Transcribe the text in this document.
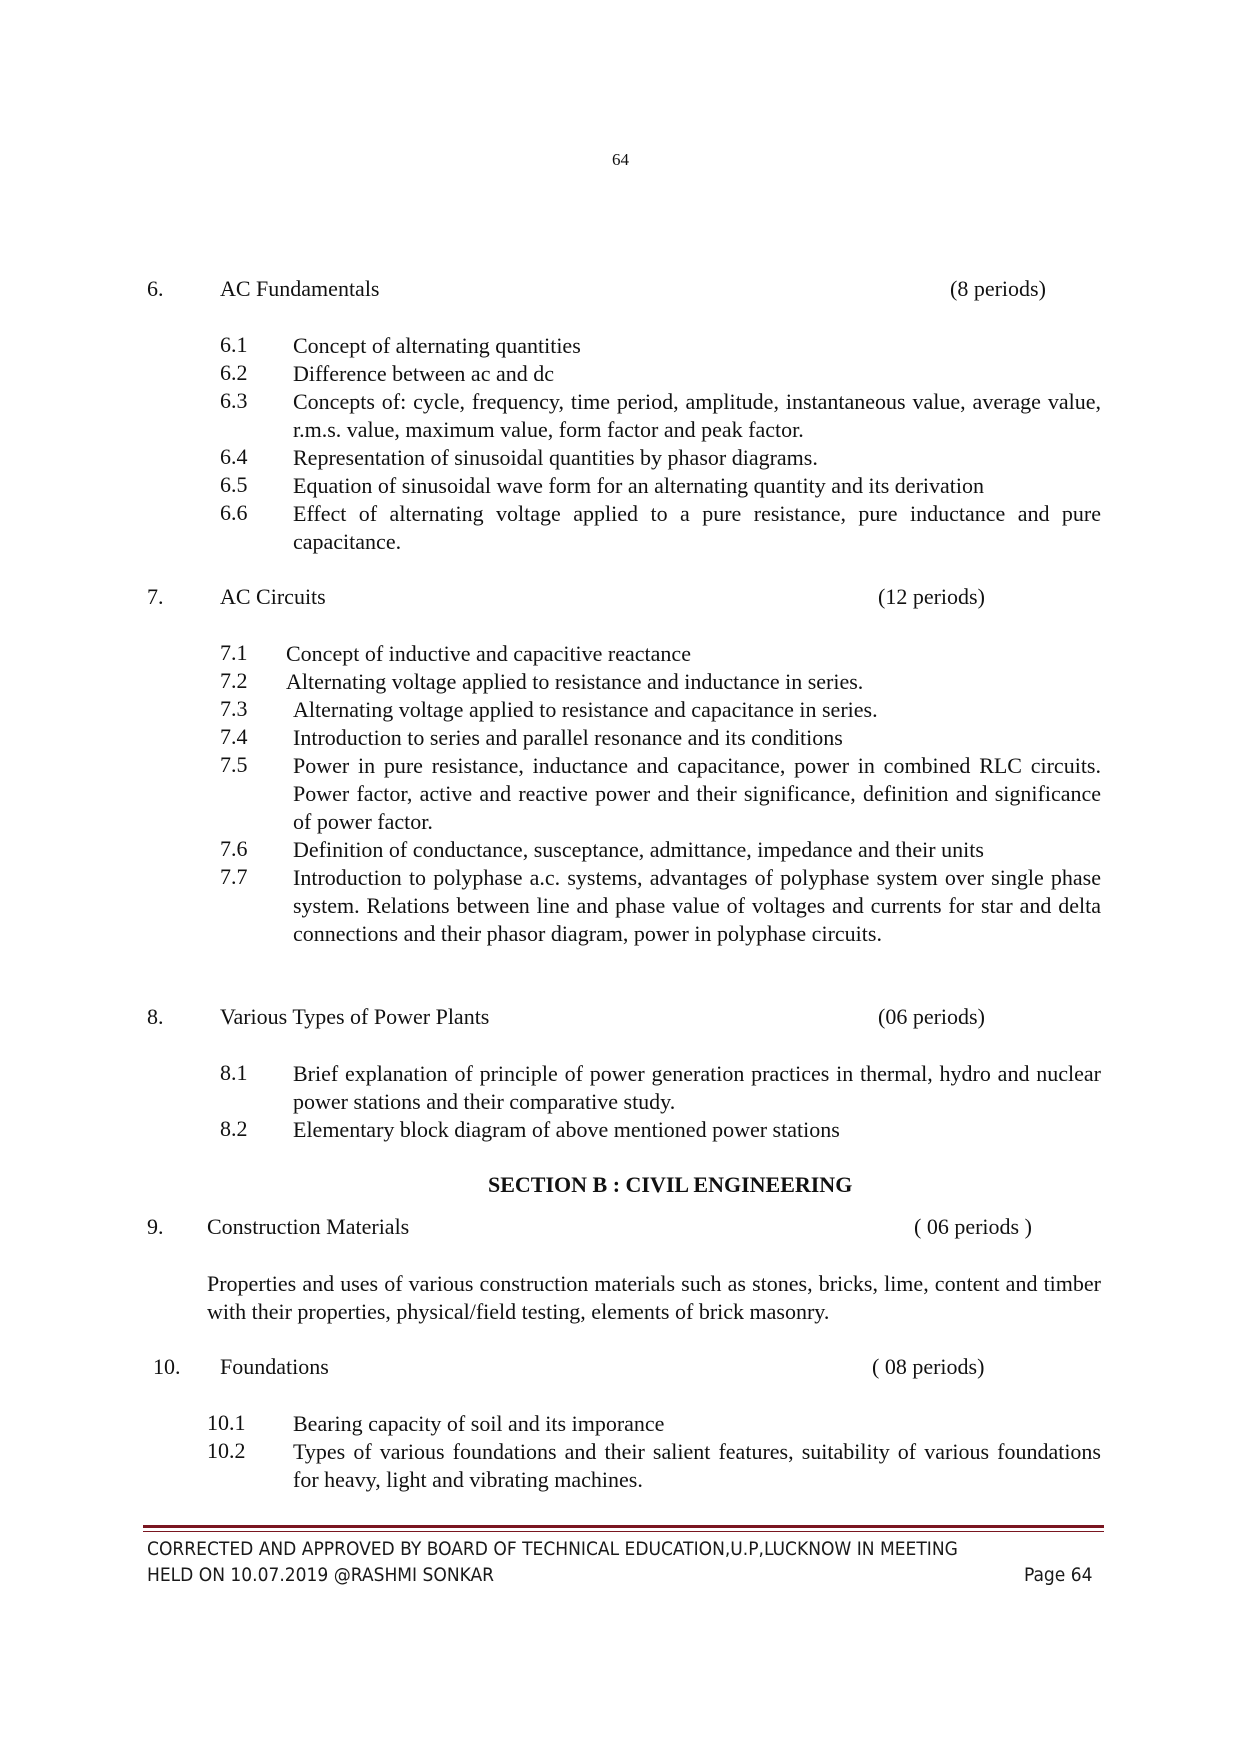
64
6.	AC Fundamentals	(8 periods)
6.1 Concept of alternating quantities
6.2 Difference between ac and dc
6.3 Concepts of: cycle, frequency, time period, amplitude, instantaneous value, average value, r.m.s. value, maximum value, form factor and peak factor.
6.4 Representation of sinusoidal quantities by phasor diagrams.
6.5 Equation of sinusoidal wave form for an alternating quantity and its derivation
6.6 Effect of alternating voltage applied to a pure resistance, pure inductance and pure capacitance.
7.	AC Circuits	(12 periods)
7.1 Concept of inductive and capacitive reactance
7.2 Alternating voltage applied to resistance and inductance in series.
7.3 Alternating voltage applied to resistance and capacitance in series.
7.4 Introduction to series and parallel resonance and its conditions
7.5 Power in pure resistance, inductance and capacitance, power in combined RLC circuits. Power factor, active and reactive power and their significance, definition and significance of power factor.
7.6 Definition of conductance, susceptance, admittance, impedance and their units
7.7 Introduction to polyphase a.c. systems, advantages of polyphase system over single phase system. Relations between line and phase value of voltages and currents for star and delta connections and their phasor diagram, power in polyphase circuits.
8.	Various Types of Power Plants	(06 periods)
8.1 Brief explanation of principle of power generation practices in thermal, hydro and nuclear power stations and their comparative study.
8.2 Elementary block diagram of above mentioned power stations
SECTION B : CIVIL ENGINEERING
9. Construction Materials	( 06 periods )
Properties and uses of various construction materials such as stones, bricks, lime, content and timber with their properties, physical/field testing, elements of brick masonry.
10. Foundations	( 08 periods)
10.1 Bearing capacity of soil and its imporance
10.2 Types of various foundations and their salient features, suitability of various foundations for heavy, light and vibrating machines.
CORRECTED AND APPROVED BY BOARD OF TECHNICAL EDUCATION,U.P,LUCKNOW IN MEETING
HELD ON 10.07.2019 @RASHMI SONKAR	Page 64
